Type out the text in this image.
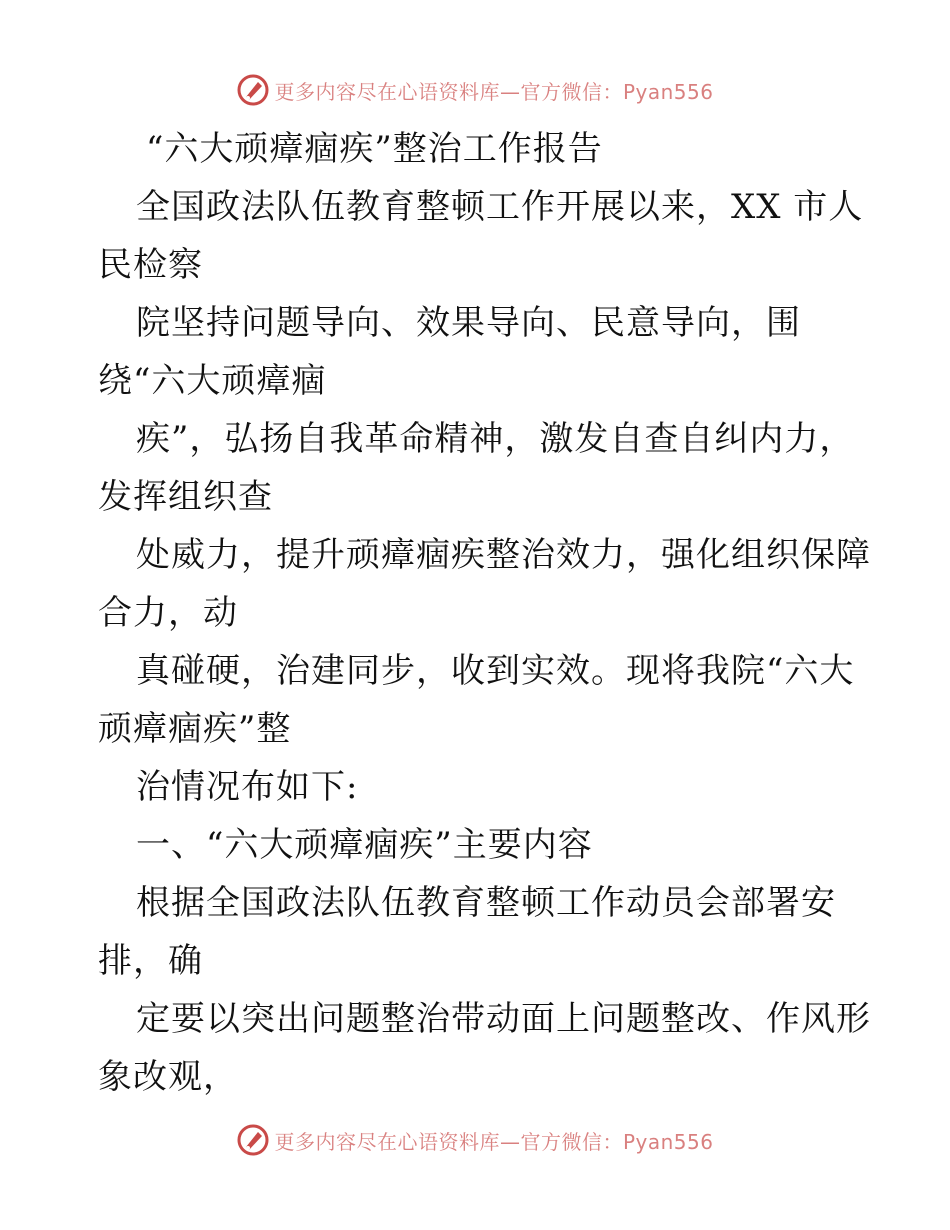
更多内容尽在心语资料库—官方微信：Pyan556
“六大顽瘴痼疾”整治工作报告
全国政法队伍教育整顿工作开展以来，XX 市人
民检察
院坚持问题导向、效果导向、民意导向，围
绕“六大顽瘴痼
疾”，弘扬自我革命精神，激发自查自纠内力，
发挥组织查
处威力，提升顽瘴痼疾整治效力，强化组织保障
合力，动
真碰硬，治建同步，收到实效。现将我院“六大
顽瘴痼疾”整
治情况布如下:
一、“六大顽瘴痼疾”主要内容
根据全国政法队伍教育整顿工作动员会部署安
排，确
定要以突出问题整治带动面上问题整改、作风形
象改观，
更多内容尽在心语资料库—官方微信：Pyan556
